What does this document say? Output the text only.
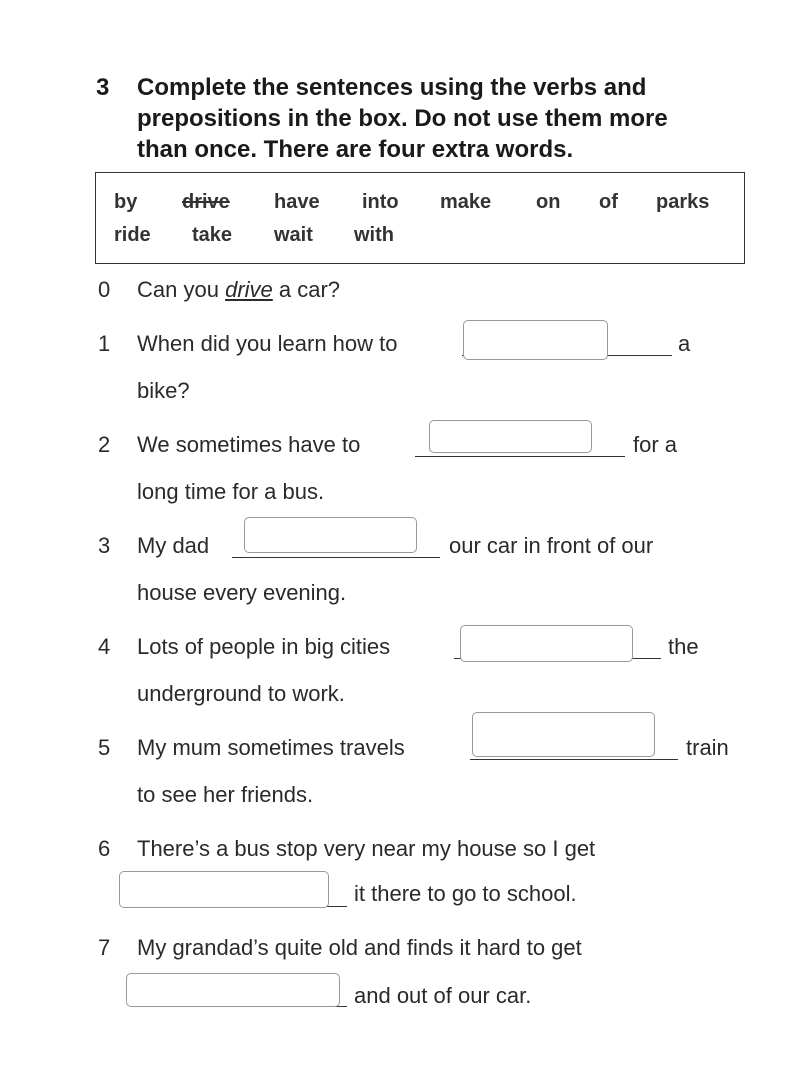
3 Complete the sentences using the verbs and
prepositions in the box. Do not use them more
than once. There are four extra words.
by drive have into make on of parks
ride take wait with
0 Can you drive a car?
1 When did you learn how to	a
bike?
2 We sometimes have to	for a
long time for a bus.
3 My dad	our car in front of our
house every evening.
4 Lots of people in big cities	the
underground to work.
5 My mum sometimes travels	train
to see her friends.
6 There’s a bus stop very near my house so I get
it there to go to school.
7 My grandad’s quite old and finds it hard to get
and out of our car.
